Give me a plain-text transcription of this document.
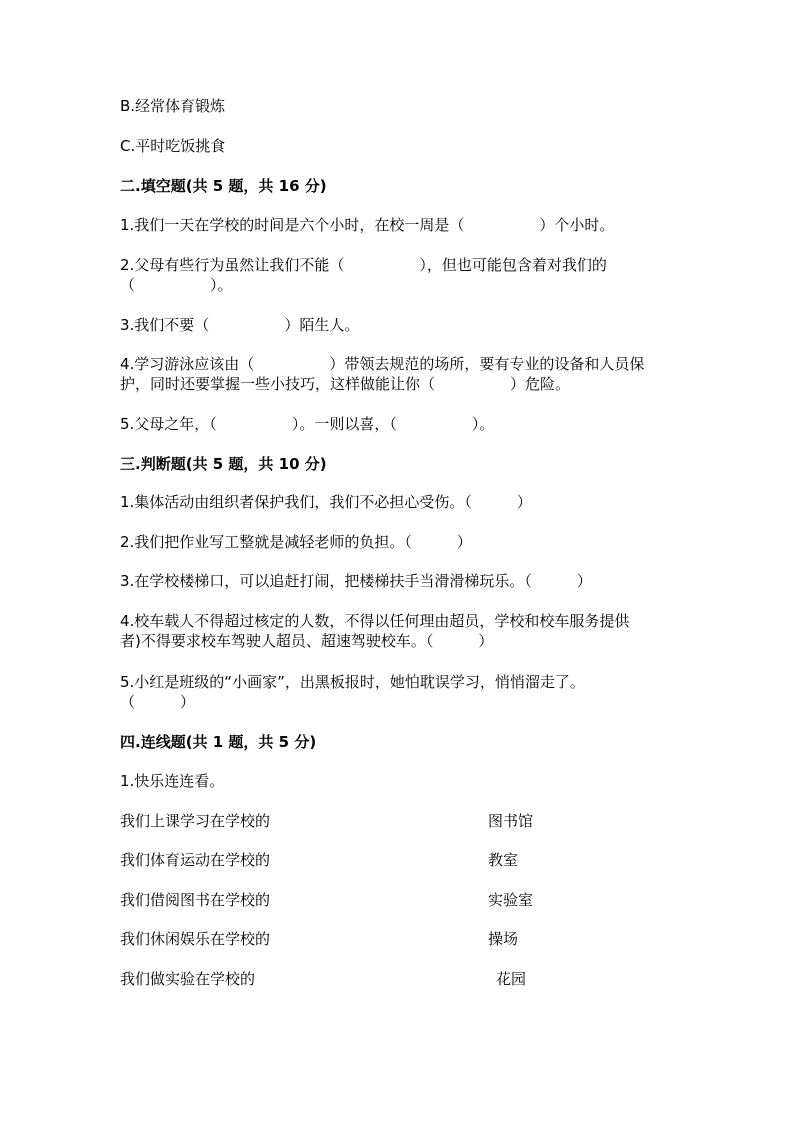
B.经常体育锻炼
C.平时吃饭挑食
二.填空题(共 5 题，共 16 分)
1.我们一天在学校的时间是六个小时，在校一周是（　　　　　）个小时。
2.父母有些行为虽然让我们不能（　　　　　），但也可能包含着对我们的
（　　　　　）。
3.我们不要（　　　　　）陌生人。
4.学习游泳应该由（　　　　　）带领去规范的场所，要有专业的设备和人员保
护，同时还要掌握一些小技巧，这样做能让你（　　　　　）危险。
5.父母之年，（　　　　　）。一则以喜，（　　　　　）。
三.判断题(共 5 题，共 10 分)
1.集体活动由组织者保护我们，我们不必担心受伤。（　　　）
2.我们把作业写工整就是减轻老师的负担。（　　　）
3.在学校楼梯口，可以追赶打闹，把楼梯扶手当滑滑梯玩乐。（　　　）
4.校车载人不得超过核定的人数，不得以任何理由超员，学校和校车服务提供
者)不得要求校车驾驶人超员、超速驾驶校车。（　　　）
5.小红是班级的“小画家”，出黑板报时，她怕耽误学习，悄悄溜走了。
（　　　）
四.连线题(共 1 题，共 5 分)
1.快乐连连看。
我们上课学习在学校的	图书馆
我们体育运动在学校的	教室
我们借阅图书在学校的	实验室
我们休闲娱乐在学校的	操场
我们做实验在学校的	花园
